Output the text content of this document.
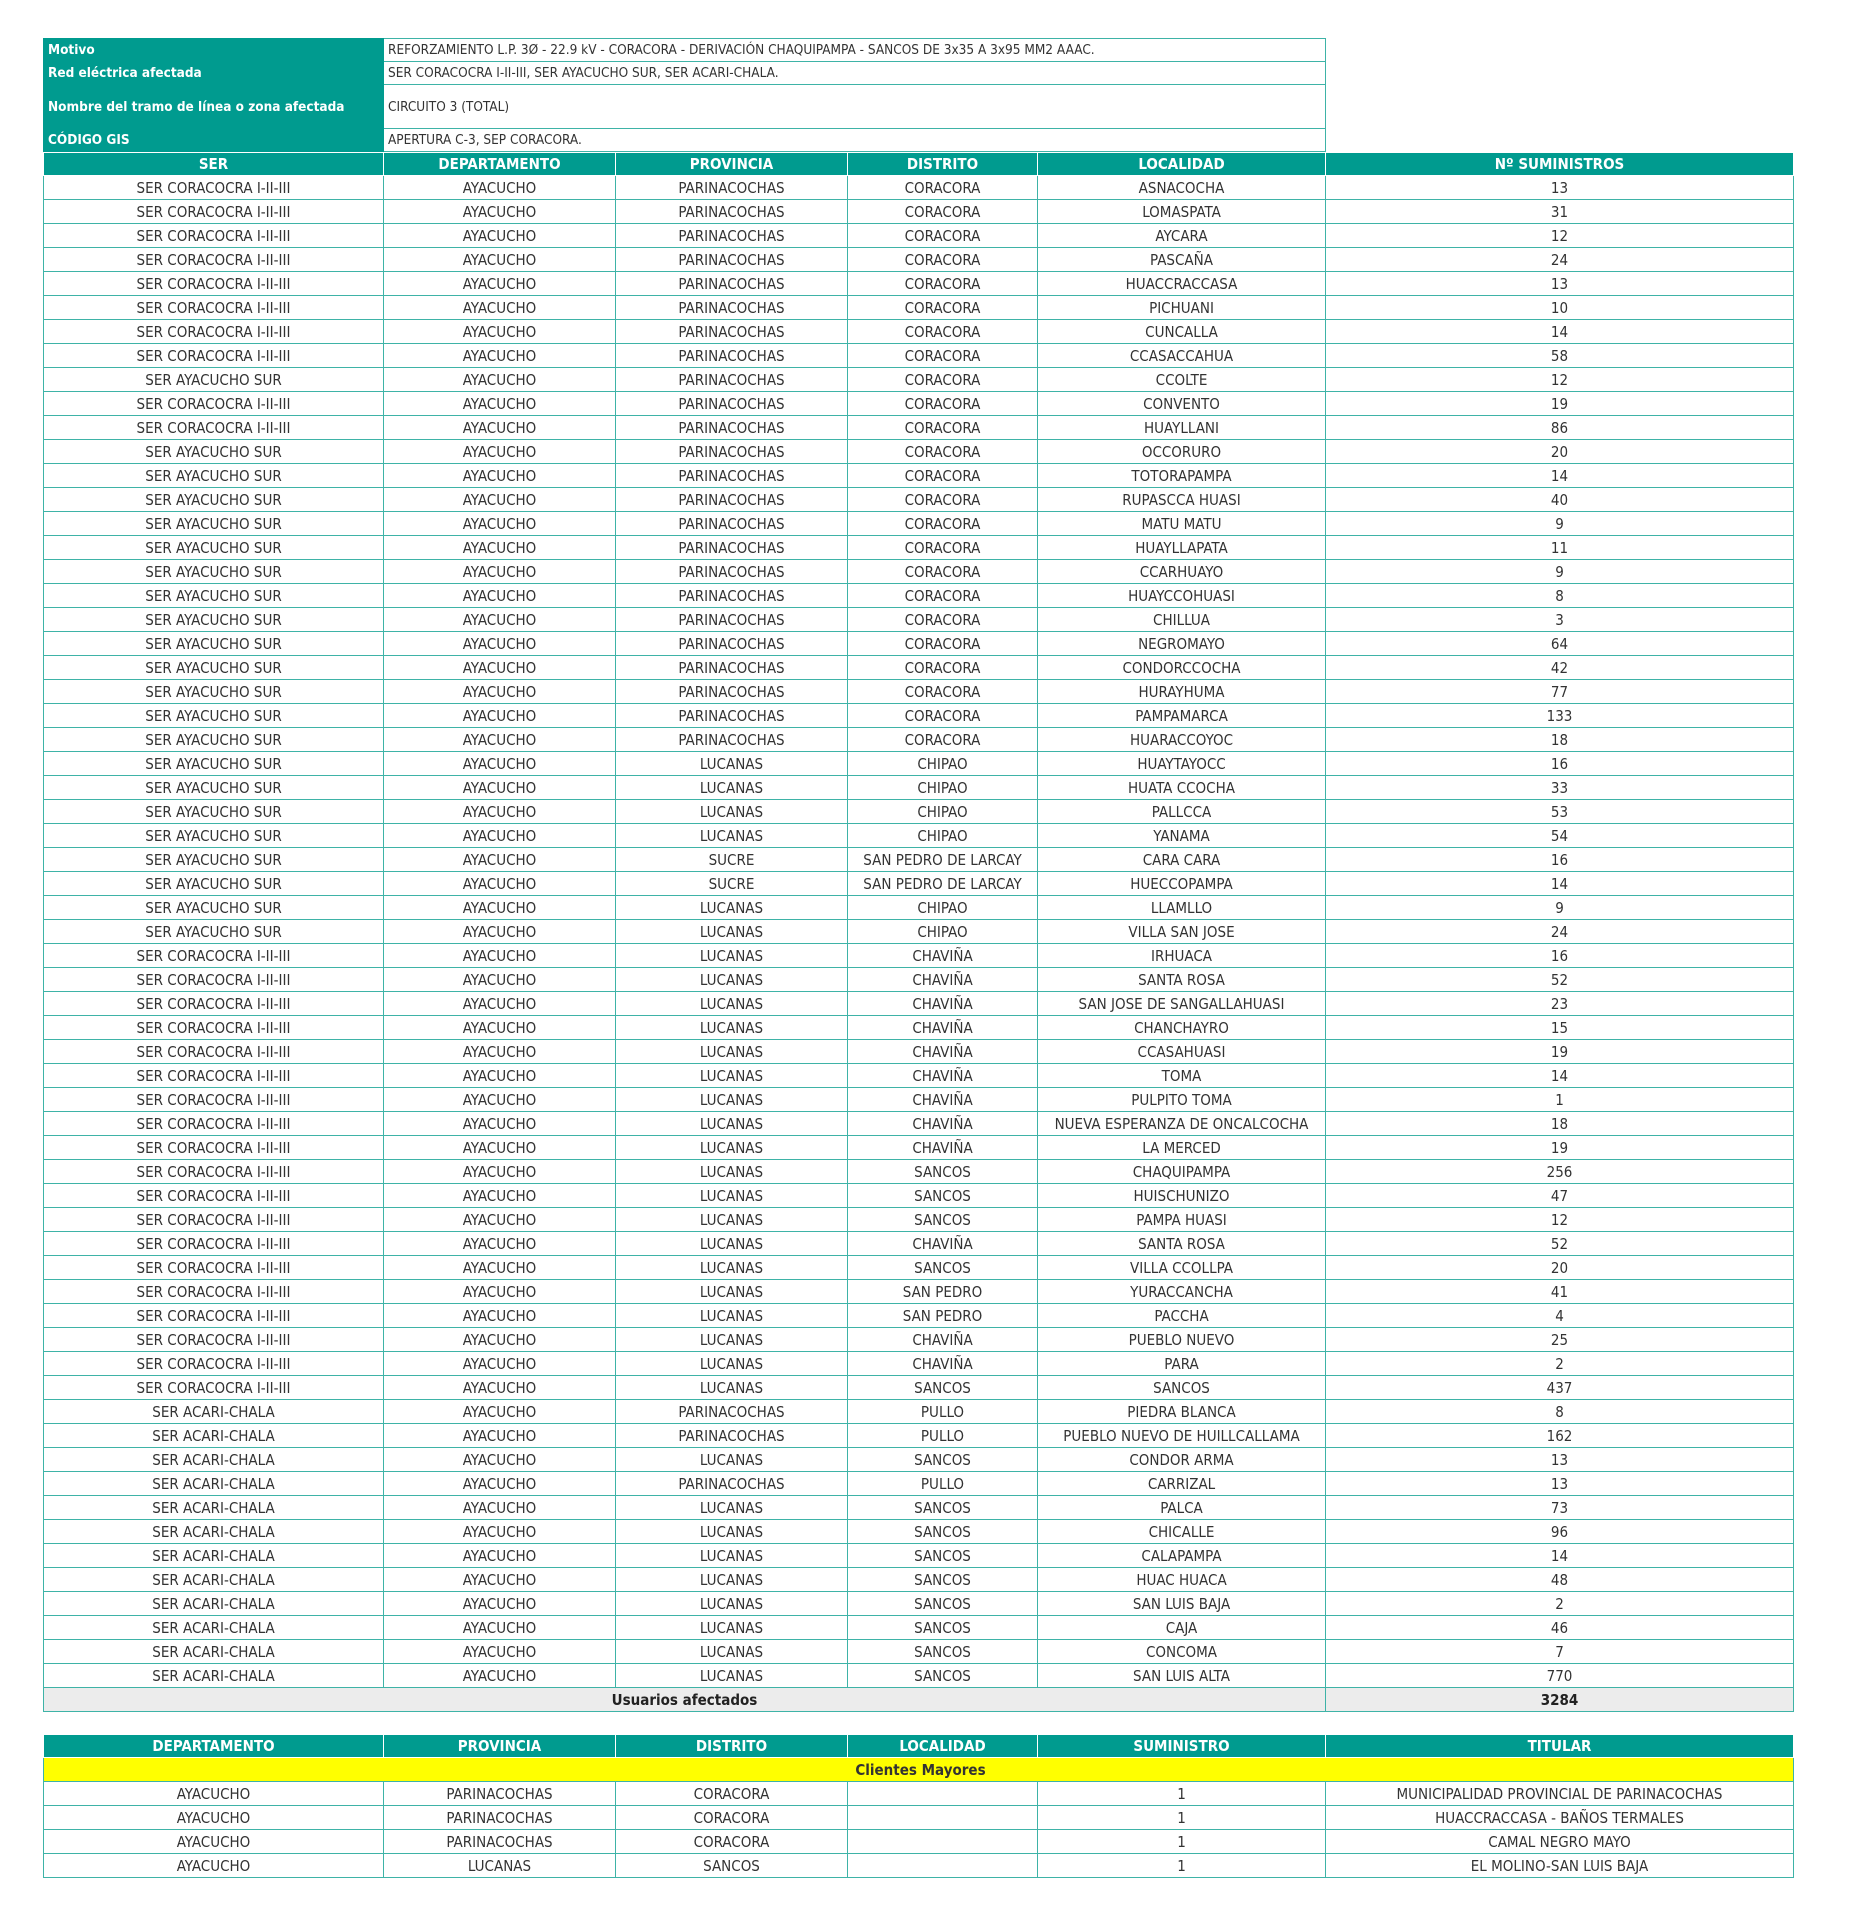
Motivo	REFORZAMIENTO L.P. 3Ø - 22.9 kV - CORACORA - DERIVACIÓN CHAQUIPAMPA - SANCOS DE 3x35 A 3x95 MM2 AAAC.	
Red eléctrica afectada	SER CORACOCRA I-II-III, SER AYACUCHO SUR, SER ACARI-CHALA.	
Nombre del tramo de línea o zona afectada	CIRCUITO 3 (TOTAL)	
CÓDIGO GIS	APERTURA C-3, SEP CORACORA.	
SER	DEPARTAMENTO	PROVINCIA	DISTRITO	LOCALIDAD	Nº SUMINISTROS
SER CORACOCRA I-II-III	AYACUCHO	PARINACOCHAS	CORACORA	ASNACOCHA	13
SER CORACOCRA I-II-III	AYACUCHO	PARINACOCHAS	CORACORA	LOMASPATA	31
SER CORACOCRA I-II-III	AYACUCHO	PARINACOCHAS	CORACORA	AYCARA	12
SER CORACOCRA I-II-III	AYACUCHO	PARINACOCHAS	CORACORA	PASCAÑA	24
SER CORACOCRA I-II-III	AYACUCHO	PARINACOCHAS	CORACORA	HUACCRACCASA	13
SER CORACOCRA I-II-III	AYACUCHO	PARINACOCHAS	CORACORA	PICHUANI	10
SER CORACOCRA I-II-III	AYACUCHO	PARINACOCHAS	CORACORA	CUNCALLA	14
SER CORACOCRA I-II-III	AYACUCHO	PARINACOCHAS	CORACORA	CCASACCAHUA	58
SER AYACUCHO SUR	AYACUCHO	PARINACOCHAS	CORACORA	CCOLTE	12
SER CORACOCRA I-II-III	AYACUCHO	PARINACOCHAS	CORACORA	CONVENTO	19
SER CORACOCRA I-II-III	AYACUCHO	PARINACOCHAS	CORACORA	HUAYLLANI	86
SER AYACUCHO SUR	AYACUCHO	PARINACOCHAS	CORACORA	OCCORURO	20
SER AYACUCHO SUR	AYACUCHO	PARINACOCHAS	CORACORA	TOTORAPAMPA	14
SER AYACUCHO SUR	AYACUCHO	PARINACOCHAS	CORACORA	RUPASCCA HUASI	40
SER AYACUCHO SUR	AYACUCHO	PARINACOCHAS	CORACORA	MATU MATU	9
SER AYACUCHO SUR	AYACUCHO	PARINACOCHAS	CORACORA	HUAYLLAPATA	11
SER AYACUCHO SUR	AYACUCHO	PARINACOCHAS	CORACORA	CCARHUAYO	9
SER AYACUCHO SUR	AYACUCHO	PARINACOCHAS	CORACORA	HUAYCCOHUASI	8
SER AYACUCHO SUR	AYACUCHO	PARINACOCHAS	CORACORA	CHILLUA	3
SER AYACUCHO SUR	AYACUCHO	PARINACOCHAS	CORACORA	NEGROMAYO	64
SER AYACUCHO SUR	AYACUCHO	PARINACOCHAS	CORACORA	CONDORCCOCHA	42
SER AYACUCHO SUR	AYACUCHO	PARINACOCHAS	CORACORA	HURAYHUMA	77
SER AYACUCHO SUR	AYACUCHO	PARINACOCHAS	CORACORA	PAMPAMARCA	133
SER AYACUCHO SUR	AYACUCHO	PARINACOCHAS	CORACORA	HUARACCOYOC	18
SER AYACUCHO SUR	AYACUCHO	LUCANAS	CHIPAO	HUAYTAYOCC	16
SER AYACUCHO SUR	AYACUCHO	LUCANAS	CHIPAO	HUATA CCOCHA	33
SER AYACUCHO SUR	AYACUCHO	LUCANAS	CHIPAO	PALLCCA	53
SER AYACUCHO SUR	AYACUCHO	LUCANAS	CHIPAO	YANAMA	54
SER AYACUCHO SUR	AYACUCHO	SUCRE	SAN PEDRO DE LARCAY	CARA CARA	16
SER AYACUCHO SUR	AYACUCHO	SUCRE	SAN PEDRO DE LARCAY	HUECCOPAMPA	14
SER AYACUCHO SUR	AYACUCHO	LUCANAS	CHIPAO	LLAMLLO	9
SER AYACUCHO SUR	AYACUCHO	LUCANAS	CHIPAO	VILLA SAN JOSE	24
SER CORACOCRA I-II-III	AYACUCHO	LUCANAS	CHAVIÑA	IRHUACA	16
SER CORACOCRA I-II-III	AYACUCHO	LUCANAS	CHAVIÑA	SANTA ROSA	52
SER CORACOCRA I-II-III	AYACUCHO	LUCANAS	CHAVIÑA	SAN JOSE DE SANGALLAHUASI	23
SER CORACOCRA I-II-III	AYACUCHO	LUCANAS	CHAVIÑA	CHANCHAYRO	15
SER CORACOCRA I-II-III	AYACUCHO	LUCANAS	CHAVIÑA	CCASAHUASI	19
SER CORACOCRA I-II-III	AYACUCHO	LUCANAS	CHAVIÑA	TOMA	14
SER CORACOCRA I-II-III	AYACUCHO	LUCANAS	CHAVIÑA	PULPITO TOMA	1
SER CORACOCRA I-II-III	AYACUCHO	LUCANAS	CHAVIÑA	NUEVA ESPERANZA DE ONCALCOCHA	18
SER CORACOCRA I-II-III	AYACUCHO	LUCANAS	CHAVIÑA	LA MERCED	19
SER CORACOCRA I-II-III	AYACUCHO	LUCANAS	SANCOS	CHAQUIPAMPA	256
SER CORACOCRA I-II-III	AYACUCHO	LUCANAS	SANCOS	HUISCHUNIZO	47
SER CORACOCRA I-II-III	AYACUCHO	LUCANAS	SANCOS	PAMPA HUASI	12
SER CORACOCRA I-II-III	AYACUCHO	LUCANAS	CHAVIÑA	SANTA ROSA	52
SER CORACOCRA I-II-III	AYACUCHO	LUCANAS	SANCOS	VILLA CCOLLPA	20
SER CORACOCRA I-II-III	AYACUCHO	LUCANAS	SAN PEDRO	YURACCANCHA	41
SER CORACOCRA I-II-III	AYACUCHO	LUCANAS	SAN PEDRO	PACCHA	4
SER CORACOCRA I-II-III	AYACUCHO	LUCANAS	CHAVIÑA	PUEBLO NUEVO	25
SER CORACOCRA I-II-III	AYACUCHO	LUCANAS	CHAVIÑA	PARA	2
SER CORACOCRA I-II-III	AYACUCHO	LUCANAS	SANCOS	SANCOS	437
SER ACARI-CHALA	AYACUCHO	PARINACOCHAS	PULLO	PIEDRA BLANCA	8
SER ACARI-CHALA	AYACUCHO	PARINACOCHAS	PULLO	PUEBLO NUEVO DE HUILLCALLAMA	162
SER ACARI-CHALA	AYACUCHO	LUCANAS	SANCOS	CONDOR ARMA	13
SER ACARI-CHALA	AYACUCHO	PARINACOCHAS	PULLO	CARRIZAL	13
SER ACARI-CHALA	AYACUCHO	LUCANAS	SANCOS	PALCA	73
SER ACARI-CHALA	AYACUCHO	LUCANAS	SANCOS	CHICALLE	96
SER ACARI-CHALA	AYACUCHO	LUCANAS	SANCOS	CALAPAMPA	14
SER ACARI-CHALA	AYACUCHO	LUCANAS	SANCOS	HUAC HUACA	48
SER ACARI-CHALA	AYACUCHO	LUCANAS	SANCOS	SAN LUIS BAJA	2
SER ACARI-CHALA	AYACUCHO	LUCANAS	SANCOS	CAJA	46
SER ACARI-CHALA	AYACUCHO	LUCANAS	SANCOS	CONCOMA	7
SER ACARI-CHALA	AYACUCHO	LUCANAS	SANCOS	SAN LUIS ALTA	770
Usuarios afectados					3284
Clientes Mayores					
DEPARTAMENTO	PROVINCIA	DISTRITO	LOCALIDAD	SUMINISTRO	TITULAR
AYACUCHO	PARINACOCHAS	CORACORA		1	MUNICIPALIDAD PROVINCIAL DE PARINACOCHAS
AYACUCHO	PARINACOCHAS	CORACORA		1	HUACCRACCASA - BAÑOS TERMALES
AYACUCHO	PARINACOCHAS	CORACORA		1	CAMAL NEGRO MAYO
AYACUCHO	LUCANAS	SANCOS		1	EL MOLINO-SAN LUIS BAJA
